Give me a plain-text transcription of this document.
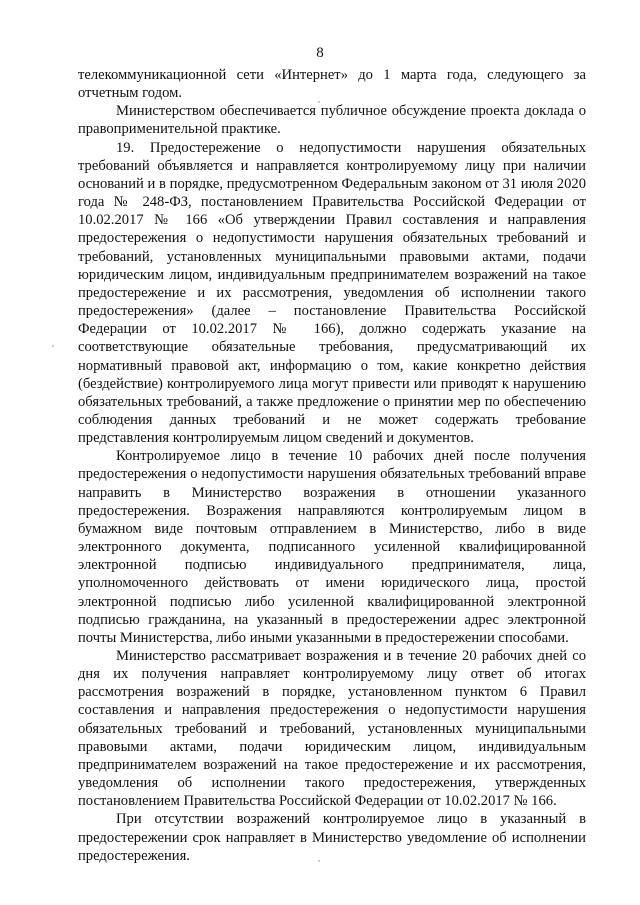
8

телекоммуникационной сети «Интернет» до 1 марта года, следующего за отчетным годом.

Министерством обеспечивается публичное обсуждение проекта доклада о правоприменительной практике.

19. Предостережение о недопустимости нарушения обязательных требований объявляется и направляется контролируемому лицу при наличии оснований и в порядке, предусмотренном Федеральным законом от 31 июля 2020 года № 248-ФЗ, постановлением Правительства Российской Федерации от 10.02.2017 № 166 «Об утверждении Правил составления и направления предостережения о недопустимости нарушения обязательных требований и требований, установленных муниципальными правовыми актами, подачи юридическим лицом, индивидуальным предпринимателем возражений на такое предостережение и их рассмотрения, уведомления об исполнении такого предостережения» (далее – постановление Правительства Российской Федерации от 10.02.2017 № 166), должно содержать указание на соответствующие обязательные требования, предусматривающий их нормативный правовой акт, информацию о том, какие конкретно действия (бездействие) контролируемого лица могут привести или приводят к нарушению обязательных требований, а также предложение о принятии мер по обеспечению соблюдения данных требований и не может содержать требование представления контролируемым лицом сведений и документов.

Контролируемое лицо в течение 10 рабочих дней после получения предостережения о недопустимости нарушения обязательных требований вправе направить в Министерство возражения в отношении указанного предостережения. Возражения направляются контролируемым лицом в бумажном виде почтовым отправлением в Министерство, либо в виде электронного документа, подписанного усиленной квалифицированной электронной подписью индивидуального предпринимателя, лица, уполномоченного действовать от имени юридического лица, простой электронной подписью либо усиленной квалифицированной электронной подписью гражданина, на указанный в предостережении адрес электронной почты Министерства, либо иными указанными в предостережении способами.

Министерство рассматривает возражения и в течение 20 рабочих дней со дня их получения направляет контролируемому лицу ответ об итогах рассмотрения возражений в порядке, установленном пунктом 6 Правил составления и направления предостережения о недопустимости нарушения обязательных требований и требований, установленных муниципальными правовыми актами, подачи юридическим лицом, индивидуальным предпринимателем возражений на такое предостережение и их рассмотрения, уведомления об исполнении такого предостережения, утвержденных постановлением Правительства Российской Федерации от 10.02.2017 № 166.

При отсутствии возражений контролируемое лицо в указанный в предостережении срок направляет в Министерство уведомление об исполнении предостережения.
